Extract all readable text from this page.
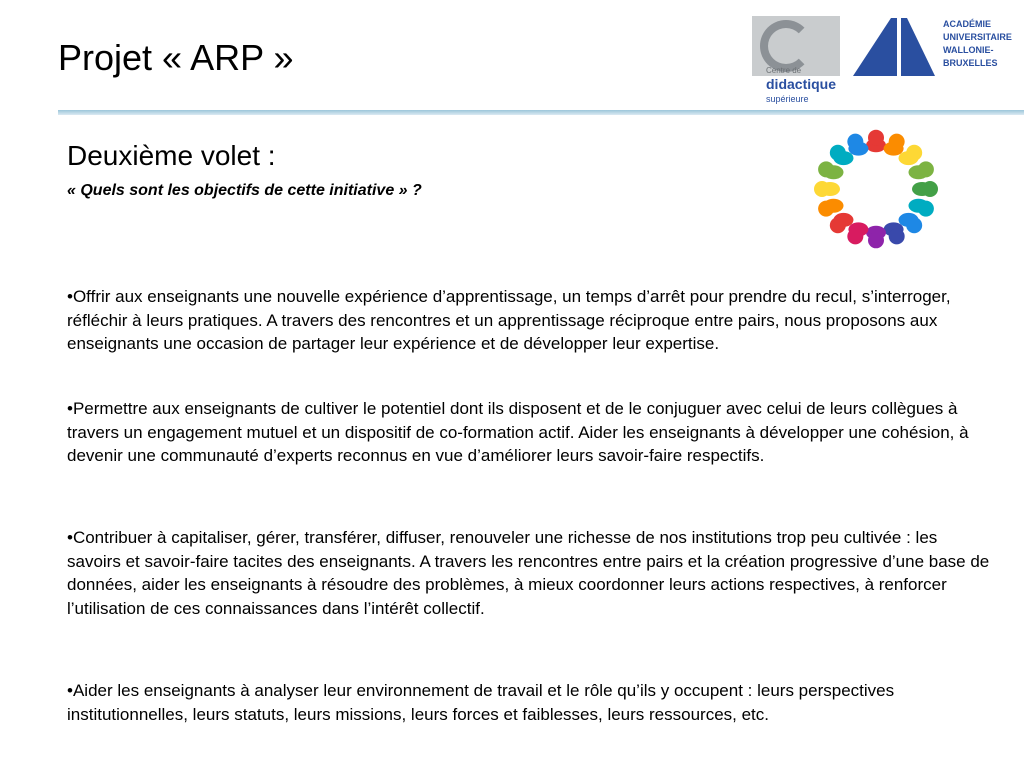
Projet « ARP »	Centre de
didactique
supérieure
ACADÉMIE
UNIVERSITAIRE
WALLONIE-
BRUXELLES
Deuxième volet :

« Quels sont les objectifs de cette initiative » ?

•Offrir aux enseignants une nouvelle expérience d’apprentissage, un temps d’arrêt pour prendre du recul, s’interroger, réfléchir à leurs pratiques. A travers des rencontres et un apprentissage réciproque entre pairs, nous proposons aux enseignants une occasion de partager leur expérience et de développer leur expertise.

•Permettre aux enseignants de cultiver le potentiel dont ils disposent et de le conjuguer avec celui de leurs collègues à travers un engagement mutuel et un dispositif de co-formation actif. Aider les enseignants à développer une cohésion, à devenir une communauté d’experts reconnus en vue d’améliorer leurs savoir-faire respectifs.

•Contribuer à capitaliser, gérer, transférer, diffuser, renouveler une richesse de nos institutions trop peu cultivée : les savoirs et savoir-faire tacites des enseignants. A travers les rencontres entre pairs et la création progressive d’une base de données, aider les enseignants à résoudre des problèmes, à mieux coordonner leurs actions respectives, à renforcer l’utilisation de ces connaissances dans l’intérêt collectif.

•Aider les enseignants à analyser leur environnement de travail et le rôle qu’ils y occupent : leurs perspectives institutionnelles, leurs statuts, leurs missions, leurs forces et faiblesses, leurs ressources, etc.
